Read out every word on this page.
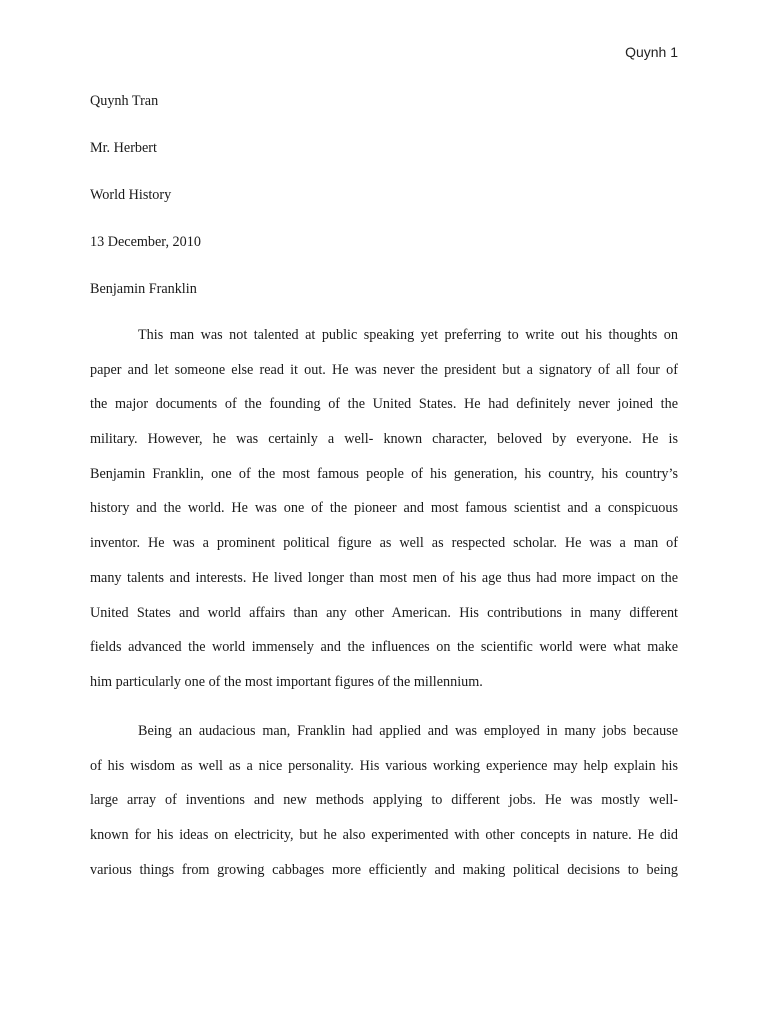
Quynh 1
Quynh Tran
Mr. Herbert
World History
13 December, 2010
Benjamin Franklin
This man was not talented at public speaking yet preferring to write out his thoughts on
paper and let someone else read it out. He was never the president but a signatory of all four of
the major documents of the founding of the United States. He had definitely never joined the
military. However, he was certainly a well- known character, beloved by everyone. He is
Benjamin Franklin, one of the most famous people of his generation, his country, his country’s
history and the world. He was one of the pioneer and most famous scientist and a conspicuous
inventor. He was a prominent political figure as well as respected scholar. He was a man of
many talents and interests. He lived longer than most men of his age thus had more impact on the
United States and world affairs than any other American. His contributions in many different
fields advanced the world immensely and the influences on the scientific world were what make
him particularly one of the most important figures of the millennium.
Being an audacious man, Franklin had applied and was employed in many jobs because
of his wisdom as well as a nice personality. His various working experience may help explain his
large array of inventions and new methods applying to different jobs. He was mostly well-
known for his ideas on electricity, but he also experimented with other concepts in nature. He did
various things from growing cabbages more efficiently and making political decisions to being
